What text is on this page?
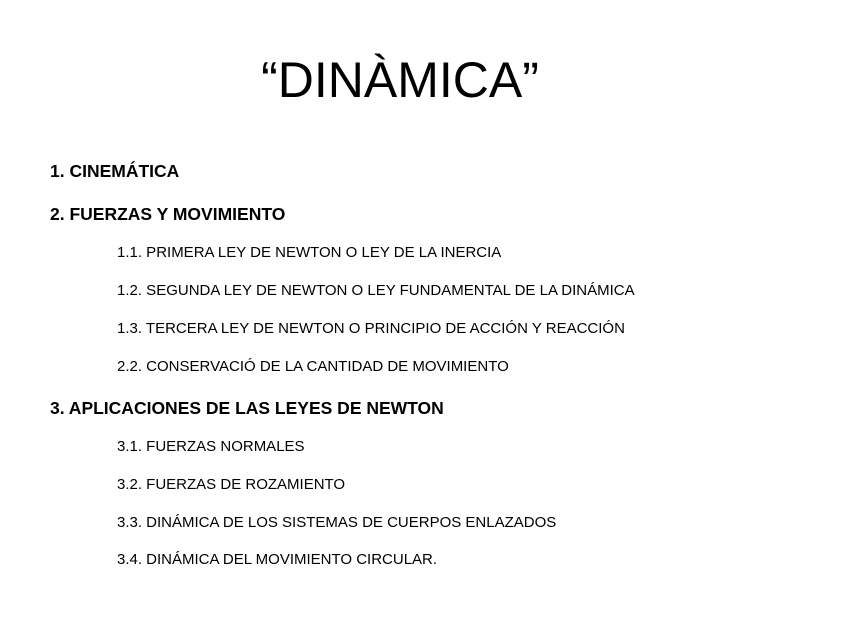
“DINÀMICA”
1. CINEMÁTICA
2. FUERZAS Y MOVIMIENTO
1.1. PRIMERA LEY DE NEWTON O LEY DE LA INERCIA
1.2. SEGUNDA LEY DE NEWTON O LEY FUNDAMENTAL DE LA DINÁMICA
1.3. TERCERA LEY DE NEWTON O PRINCIPIO DE ACCIÓN Y REACCIÓN
2.2. CONSERVACIÓ DE LA CANTIDAD DE MOVIMIENTO
3. APLICACIONES DE LAS LEYES DE NEWTON
3.1. FUERZAS NORMALES
3.2. FUERZAS DE ROZAMIENTO
3.3. DINÁMICA DE LOS SISTEMAS DE CUERPOS ENLAZADOS
3.4. DINÁMICA DEL MOVIMIENTO CIRCULAR.
